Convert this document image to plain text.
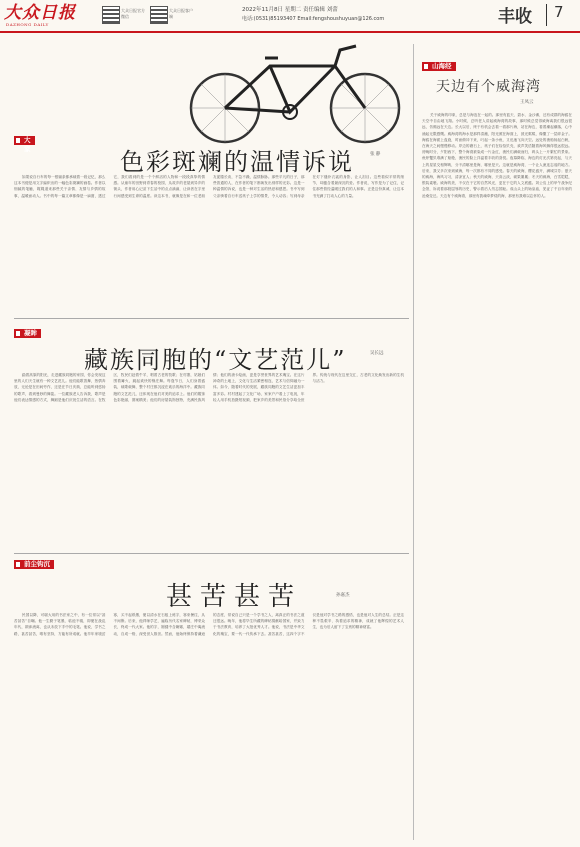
大众日报
DAZHONG DAILY
大众日报官方微信
大众日报客户端
2022年11月8日 星期二 责任编辑 刘蕾
电话:(0531)85193407 Email:fengshoushuyuan@126.com	丰收 7
大家	色彩斑斓的温情诉说	张 静

如果说自行车的每一根辐条都承载着一段记忆，那么这本书便是用文字编织出的一幅色彩斑斓的画卷。作者以细腻的笔触，娓娓道来那些关于亲情、友情与乡情的故事，温暖而动人。书中的每一篇文章都像是一扇窗，透过它，我们看到的是一个个鲜活的人物和一段段真挚的情感。从童年的田野到青春的校园，从故乡的老屋到异乡的街头，作者用心记录下生活中的点点滴滴，让读者在字里行间感受到生命的温度。读这本书，就像是在和一位老朋友促膝长谈，不急不躁，温情脉脉。那些平凡的日子，那些普通的人，在作者的笔下都焕发出别样的光彩。这是一种温情的诉说，也是一种对生活的热爱和感恩。书中写到父亲骑着自行车送孩子上学的情景，令人动容；写到母亲在灯下缝补衣裳的身影，让人泪目。这些看似平常的细节，却蕴含着最深沉的爱。作者说，写作是为了记住，记住那些曾经温暖过我们的人和事。正是这份真诚，让这本书充满了打动人心的力量。

凝眸
藏族同胞的“文艺范儿”	吴长远

踏着高原的阳光，走进藏族同胞的家园，你会发现这里的人们天生就有一种文艺范儿。他们能歌善舞，热情奔放，无论是在田间劳作，还是在节日庆典，总能听到悠扬的歌声，看到曼妙的舞姿。一位藏族老人告诉我，歌声是他们表达情感的方式，舞蹈是他们庆祝生活的语言。在牧区，牧民们赶着牛羊，唱着古老的牧歌；在村寨，姑娘们围着篝火，跳起欢快的锅庄舞。每逢节日，人们身着盛装，载歌载舞，整个村庄都沉浸在欢乐的海洋中。藏族同胞的文艺范儿，还体现在他们对美的追求上。他们的服饰色彩艳丽，图案精美；他们的房屋装饰独特，充满民族风情；他们的唐卡绘画，更是享誉世界的艺术瑰宝。在这片神奇的土地上，文化与生活紧密相连，艺术与信仰融为一体。如今，随着时代的发展，藏族同胞的文艺生活更加丰富多彩。村村建起了文化广场，家家户户看上了电视，年轻人用手机拍摄短视频，把家乡的美景和民俗分享给全世界。传统与现代在这里交汇，古老的文化焕发出新的生机与活力。

前尘钩沉
甚苦甚苦	孙嘉杰

民国以降，可堪大用的书法家之中，有一位常以“甚苦甚苦”自嘲。他一生勤于笔墨，临池不辍，即便在战乱年代，颠沛流离，也从未放下手中的毛笔。他说，学书之路，甚苦甚苦，唯有坚持，方能有所成就。他早年家境贫寒，买不起纸墨，便以清水在石板上练字，寒来暑往，从不间断。后来，他拜师学艺，遍临历代名家碑帖，博采众长，终成一代大家。他的字，刚健中含婀娜，端庄中寓流动，自成一格，深受世人推崇。然而，他始终保持着谦逊的态度，常说自己只是一个学书之人，离真正的书法之道还很远。晚年，他将毕生所藏的碑帖捐献给国家，并致力于书法教育，培养了大批优秀人才。他说，书法是中华文化的瑰宝，要一代一代传承下去。甚苦甚苦，这四个字不仅是他对学书之路的感悟，也是他对人生的总结。正是这种不畏艰辛、执着追求的精神，成就了他辉煌的艺术人生，也为后人留下了宝贵的精神财富。

山海经
天边有个威海湾
王凤云

关于威海的印象，总是与海连在一起的。那里有蓝天、碧水、金沙滩，还有成群的海鸥在天空中自由地飞翔。小时候，总听老人讲起威海湾的故事，那时候总觉得威海离我们很远很远，仿佛远在天边。长大以后，终于有机会去看一看那片海，站在海边，看着潮起潮落，心中涌起无限感慨。威海湾的海水是那样清澈，阳光照在海面上，波光粼粼，像撒了一层碎金子。海鸥在海面上盘旋，时而俯冲下来，叼起一条小鱼，又迅速飞向天空。远处的渔船扬起白帆，在海天之间慢慢移动。岸边的礁石上，孩子们在捡拾贝壳，欢声笑语随着海风飘得很远很远。傍晚时分，夕阳西下，整个海湾被染成一片金红，渔民们满载而归，码头上一片繁忙的景象。鱼虾蟹贝堆满了船舱，渔民的脸上洋溢着丰收的喜悦。夜幕降临，海边的灯光次第亮起，与天上的星星交相辉映，分不清哪里是海，哪里是天。这就是威海湾，一个让人流连忘返的地方。后来，我又多次来到威海，每一次都有不同的感受。春天的威海，樱花盛开，满城芬芳；夏天的威海，海风习习，清凉宜人；秋天的威海，天高云淡，硕果累累；冬天的威海，白雪皑皑，银装素裹。威海的美，不仅在于它的自然风光，更在于它的人文底蕴。刘公岛上的甲午战争纪念馆，诉说着那段屈辱的历史，警示着后人勿忘国耻。成山头上的始皇庙，见证了千百年来的沧桑变迁。天边有个威海湾，那里有我魂牵梦绕的海，那里有我难以忘怀的人。
